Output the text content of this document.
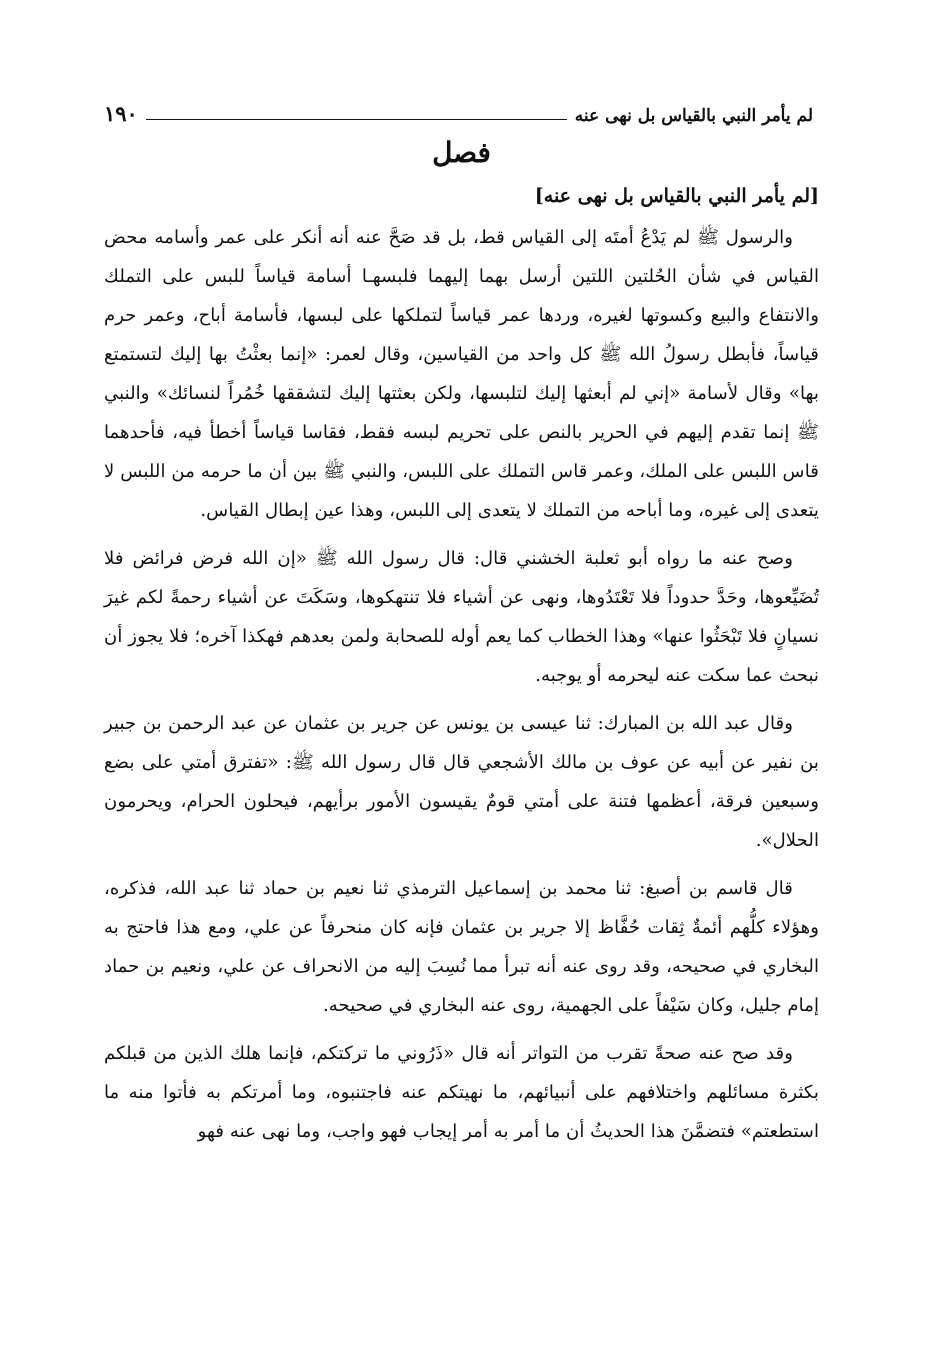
١٩٠	لم يأمر النبي بالقياس بل نهى عنه
فصل
[لم يأمر النبي بالقياس بل نهى عنه]

والرسول ﷺ لم يَدْعُ أمتَه إلى القياس قط، بل قد صَحَّ عنه أنه أنكر على عمر وأسامه محض القياس في شأن الحُلتين اللتين أرسل بهما إليهما فلبسهـا أسامة قياساً للبس على التملك والانتفاع والبيع وكسوتها لغيره، وردها عمر قياساً لتملكها على لبسها، فأسامة أباح، وعمر حرم قياساً، فأبطل رسولُ الله ﷺ كل واحد من القياسين، وقال لعمر: «إنما بعثْتُ بها إليك لتستمتع بها» وقال لأسامة «إني لم أبعثها إليك لتلبسها، ولكن بعثتها إليك لتشققها خُمُراً لنسائك» والنبي ﷺ إنما تقدم إليهم في الحرير بالنص على تحريم لبسه فقط، فقاسا قياساً أخطأ فيه، فأحدهما قاس اللبس على الملك، وعمر قاس التملك على اللبس، والنبي ﷺ بين أن ما حرمه من اللبس لا يتعدى إلى غيره، وما أباحه من التملك لا يتعدى إلى اللبس، وهذا عين إبطال القياس.

وصح عنه ما رواه أبو ثعلبة الخشني قال: قال رسول الله ﷺ «إن الله فرض فرائض فلا تُضَيِّعوها، وحَدَّ حدوداً فلا تَعْتَدُوها، ونهى عن أشياء فلا تنتهكوها، وسَكَتَ عن أشياء رحمةً لكم غيرَ نسيانٍ فلا تَبْحَثُوا عنها» وهذا الخطاب كما يعم أوله للصحابة ولمن بعدهم فهكذا آخره؛ فلا يجوز أن نبحث عما سكت عنه ليحرمه أو يوجبه.

وقال عبد الله بن المبارك: ثنا عيسى بن يونس عن جرير بن عثمان عن عبد الرحمن بن جبير بن نفير عن أبيه عن عوف بن مالك الأشجعي قال قال رسول الله ﷺ: «تفترق أمتي على بضع وسبعين فرقة، أعظمها فتنة على أمتي قومٌ يقيسون الأمور برأيهم، فيحلون الحرام، ويحرمون الحلال».

قال قاسم بن أصبغ: ثنا محمد بن إسماعيل الترمذي ثنا نعيم بن حماد ثنا عبد الله، فذكره، وهؤلاء كلُّهم أئمةٌ ثِقات حُفَّاظ إلا جرير بن عثمان فإنه كان منحرفاً عن علي، ومع هذا فاحتج به البخاري في صحيحه، وقد روى عنه أنه تبرأ مما نُسِبَ إليه من الانحراف عن علي، ونعيم بن حماد إمام جليل، وكان سَيْفاً على الجهمية، روى عنه البخاري في صحيحه.

وقد صح عنه صحةً تقرب من التواتر أنه قال «ذَرُوني ما تركتكم، فإنما هلك الذين من قبلكم بكثرة مسائلهم واختلافهم على أنبيائهم، ما نهيتكم عنه فاجتنبوه، وما أمرتكم به فأتوا منه ما استطعتم» فتضمَّنَ هذا الحديثُ أن ما أمر به أمر إيجاب فهو واجب، وما نهى عنه فهو
